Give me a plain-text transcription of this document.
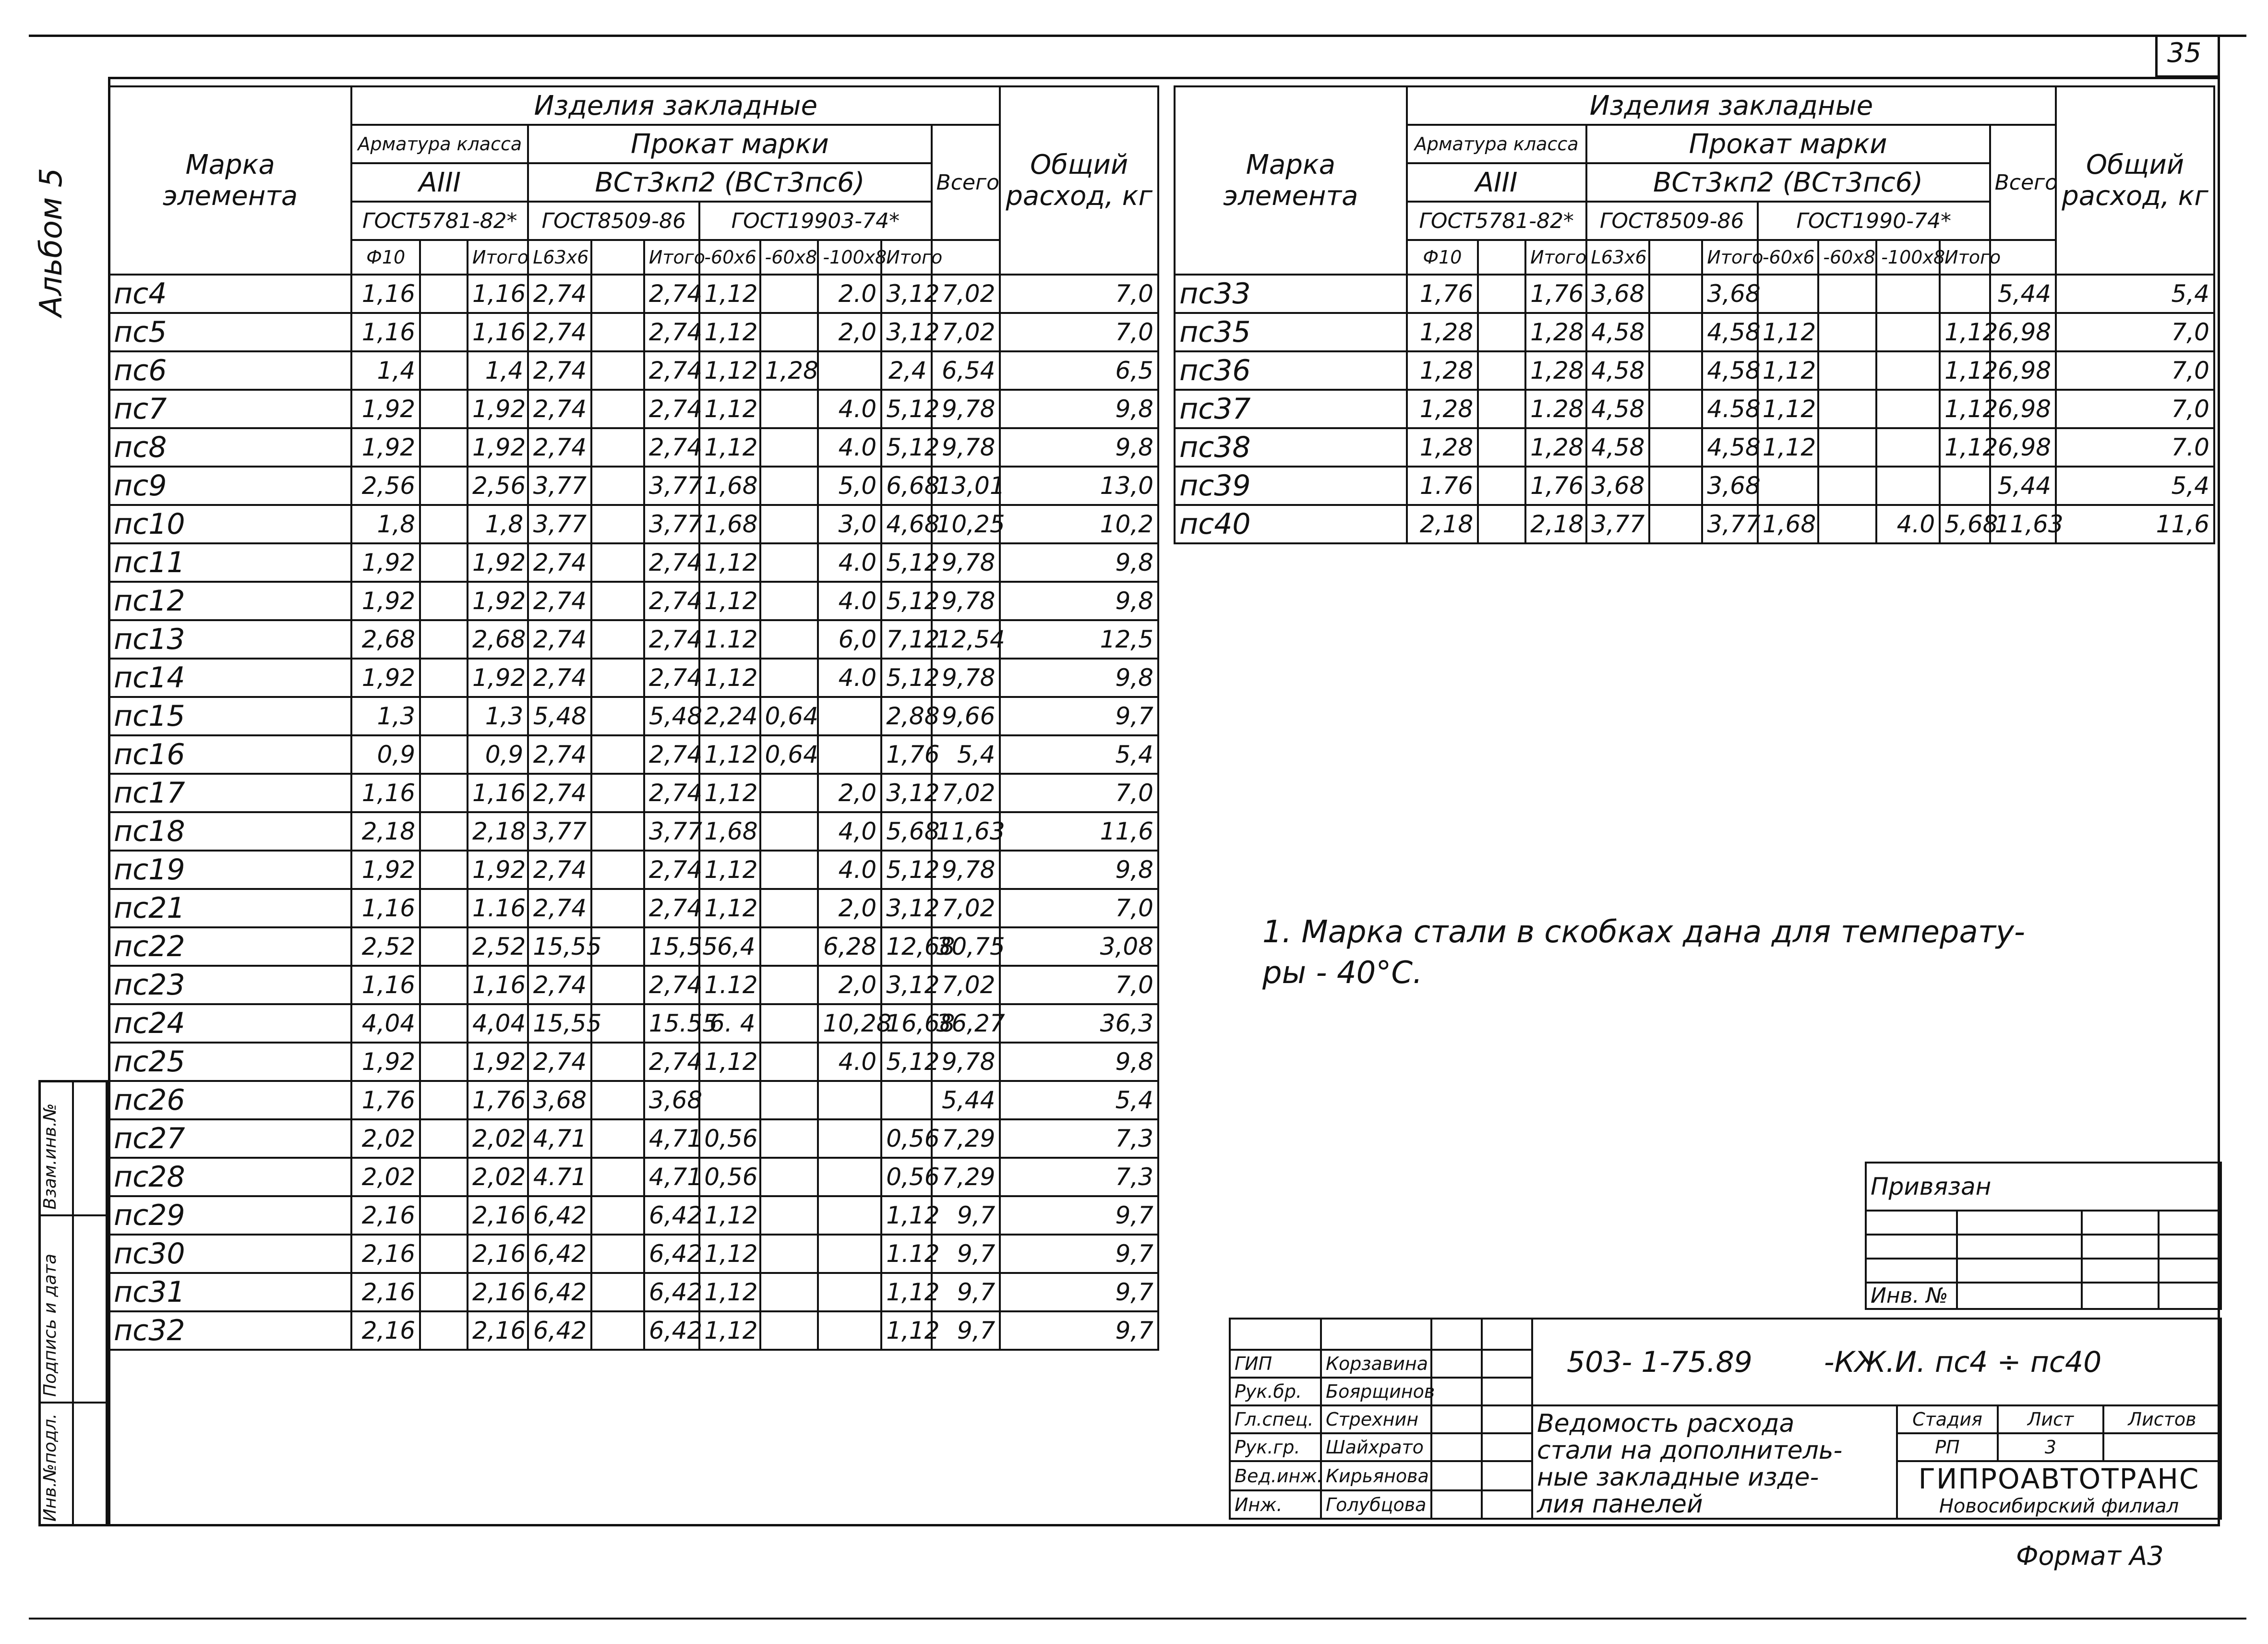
35
Альбом 5
Взам.инв.№
Подпись и дата
Инв.№подл.
Марка элемента	Изделия закладные											Общий расход, кг
	Арматура класса			Прокат марки							Всего	
	AIII			ВСт3кп2 (ВСт3пс6)								
	ГОСТ5781-82*			ГОСТ8509-86			ГОСТ19903-74*					
	Ф10		Итого	L63x6		Итого	-60x6	-60x8	-100x8	Итого		
пс4	1,16		1,16	2,74		2,74	1,12		2.0	3,12	7,02	7,0
пс5	1,16		1,16	2,74		2,74	1,12		2,0	3,12	7,02	7,0
пс6	1,4		1,4	2,74		2,74	1,12	1,28		2,4	6,54	6,5
пс7	1,92		1,92	2,74		2,74	1,12		4.0	5,12	9,78	9,8
пс8	1,92		1,92	2,74		2,74	1,12		4.0	5,12	9,78	9,8
пс9	2,56		2,56	3,77		3,77	1,68		5,0	6,68	13,01	13,0
пс10	1,8		1,8	3,77		3,77	1,68		3,0	4,68	10,25	10,2
пс11	1,92		1,92	2,74		2,74	1,12		4.0	5,12	9,78	9,8
пс12	1,92		1,92	2,74		2,74	1,12		4.0	5,12	9,78	9,8
пс13	2,68		2,68	2,74		2,74	1.12		6,0	7,12	12,54	12,5
пс14	1,92		1,92	2,74		2,74	1,12		4.0	5,12	9,78	9,8
пс15	1,3		1,3	5,48		5,48	2,24	0,64		2,88	9,66	9,7
пс16	0,9		0,9	2,74		2,74	1,12	0,64		1,76	5,4	5,4
пс17	1,16		1,16	2,74		2,74	1,12		2,0	3,12	7,02	7,0
пс18	2,18		2,18	3,77		3,77	1,68		4,0	5,68	11,63	11,6
пс19	1,92		1,92	2,74		2,74	1,12		4.0	5,12	9,78	9,8
пс21	1,16		1.16	2,74		2,74	1,12		2,0	3,12	7,02	7,0
пс22	2,52		2,52	15,55		15,55	6,4		6,28	12,68	30,75	3,08
пс23	1,16		1,16	2,74		2,74	1.12		2,0	3,12	7,02	7,0
пс24	4,04		4,04	15,55		15.55	6. 4		10,28	16,68	36,27	36,3
пс25	1,92		1,92	2,74		2,74	1,12		4.0	5,12	9,78	9,8
пс26	1,76		1,76	3,68		3,68					5,44	5,4
пс27	2,02		2,02	4,71		4,71	0,56			0,56	7,29	7,3
пс28	2,02		2,02	4.71		4,71	0,56			0,56	7,29	7,3
пс29	2,16		2,16	6,42		6,42	1,12			1,12	9,7	9,7
пс30	2,16		2,16	6,42		6,42	1,12			1.12	9,7	9,7
пс31	2,16		2,16	6,42		6,42	1,12			1,12	9,7	9,7
пс32	2,16		2,16	6,42		6,42	1,12			1,12	9,7	9,7
Марка элемента	Изделия закладные											Общий расход, кг
	Арматура класса			Прокат марки							Всего	
	AIII			ВСт3кп2 (ВСт3пс6)								
	ГОСТ5781-82*			ГОСТ8509-86			ГОСТ1990-74*					
	Ф10		Итого	L63x6		Итого	-60x6	-60x8	-100x8	Итого		
пс33	1,76		1,76	3,68		3,68					5,44	5,4
пс35	1,28		1,28	4,58		4,58	1,12			1,12	6,98	7,0
пс36	1,28		1,28	4,58		4,58	1,12			1,12	6,98	7,0
пс37	1,28		1.28	4,58		4.58	1,12			1,12	6,98	7,0
пс38	1,28		1,28	4,58		4,58	1,12			1,12	6,98	7.0
пс39	1.76		1,76	3,68		3,68					5,44	5,4
пс40	2,18		2,18	3,77		3,77	1,68		4.0	5,68	11,63	11,6
1. Марка стали в скобках дана для температу-
ры - 40°С.
Привязан			

Инв. №			
				503- 1-75.89 -КЖ.И. пс4 ÷ пс40			
ГИП	Корзавина						
Рук.бр.	Боярщинов						
Гл.спец.	Стрехнин			Ведомость расхода
стали на дополнитель-
ные закладные изде-
лия панелей	Стадия	Лист	Листов
Рук.гр.	Шайхрато				РП	3	
Вед.инж.	Кирьянова				ГИПРОАВТОТРАНС
Новосибирский филиал		

Инж.	Голубцова						
Формат А3
